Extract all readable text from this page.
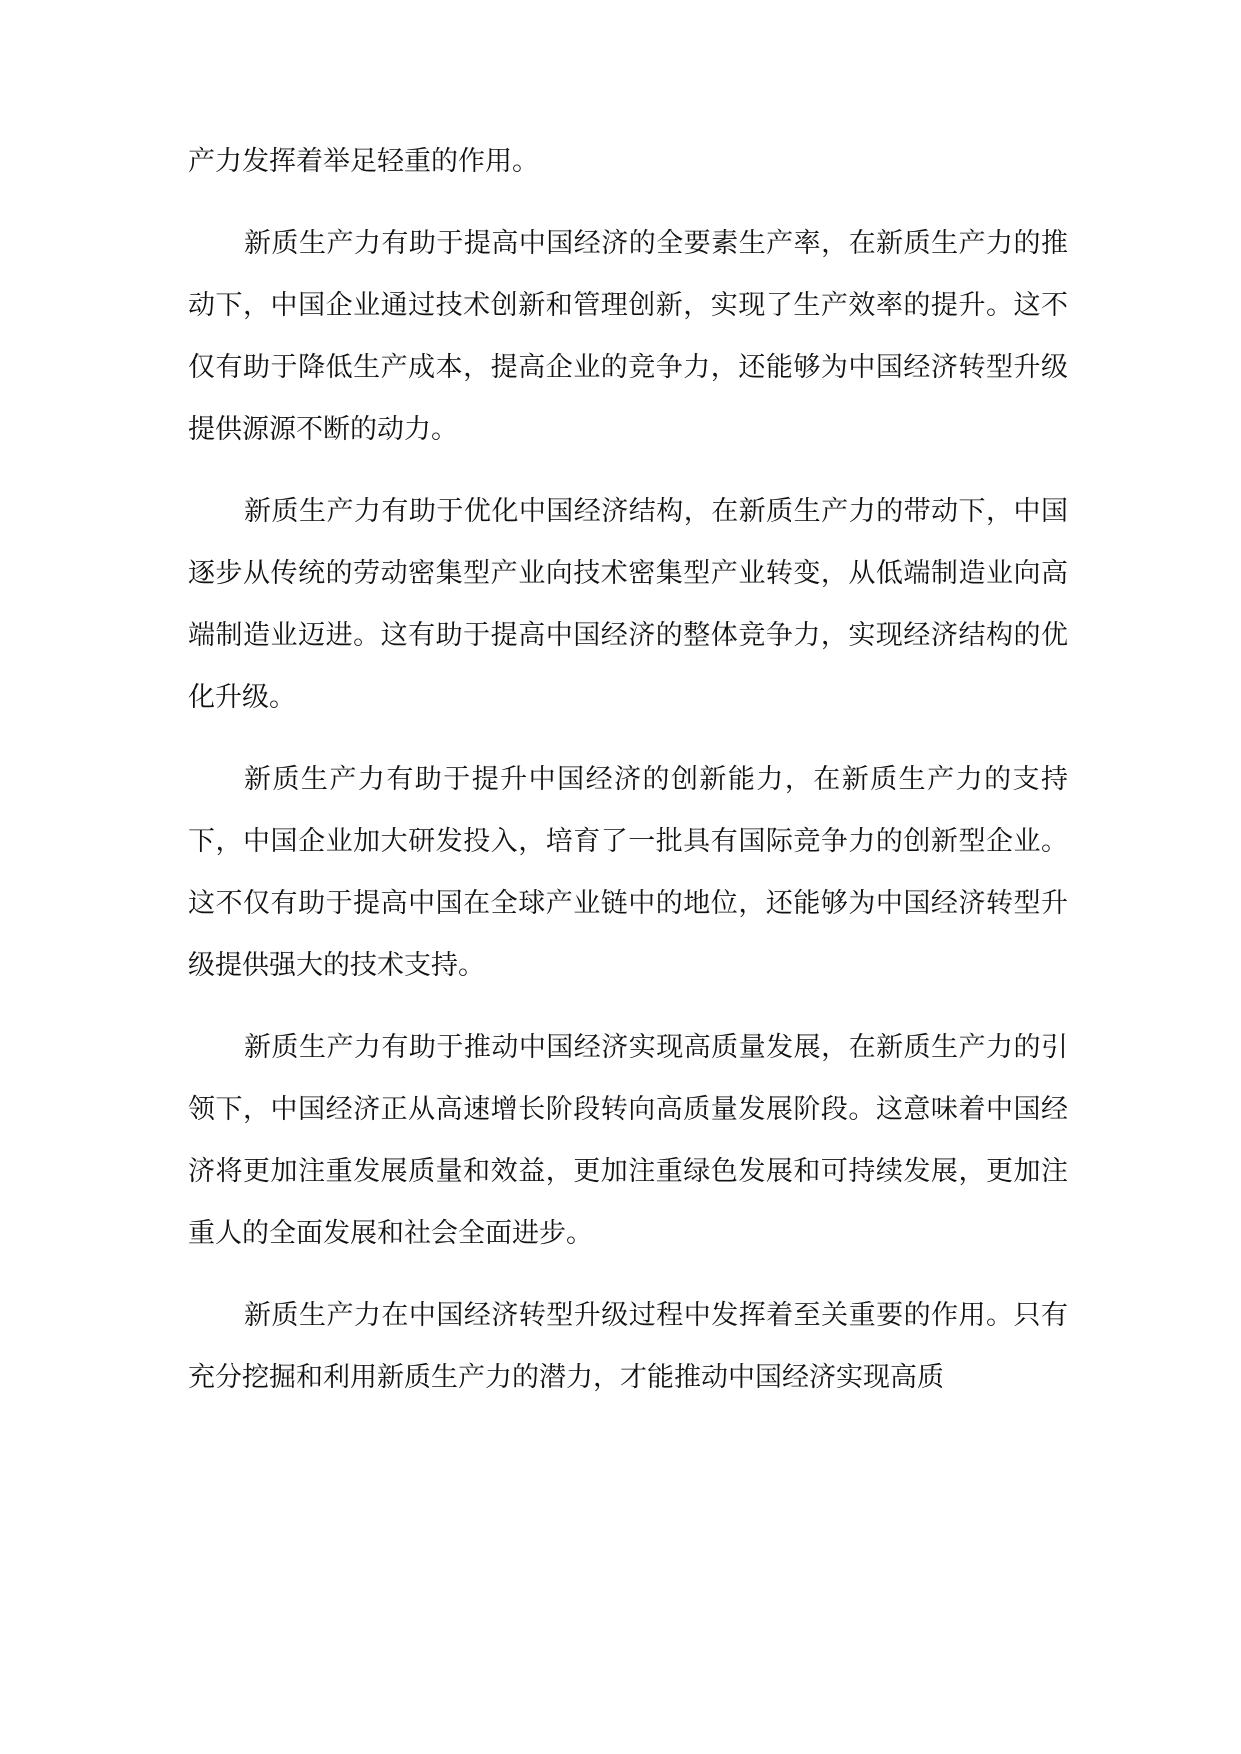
产力发挥着举足轻重的作用。

新质生产力有助于提高中国经济的全要素生产率，在新质生产力的推动下，中国企业通过技术创新和管理创新，实现了生产效率的提升。这不仅有助于降低生产成本，提高企业的竞争力，还能够为中国经济转型升级提供源源不断的动力。

新质生产力有助于优化中国经济结构，在新质生产力的带动下，中国逐步从传统的劳动密集型产业向技术密集型产业转变，从低端制造业向高端制造业迈进。这有助于提高中国经济的整体竞争力，实现经济结构的优化升级。

新质生产力有助于提升中国经济的创新能力，在新质生产力的支持下，中国企业加大研发投入，培育了一批具有国际竞争力的创新型企业。这不仅有助于提高中国在全球产业链中的地位，还能够为中国经济转型升级提供强大的技术支持。

新质生产力有助于推动中国经济实现高质量发展，在新质生产力的引领下，中国经济正从高速增长阶段转向高质量发展阶段。这意味着中国经济将更加注重发展质量和效益，更加注重绿色发展和可持续发展，更加注重人的全面发展和社会全面进步。

新质生产力在中国经济转型升级过程中发挥着至关重要的作用。只有充分挖掘和利用新质生产力的潜力，才能推动中国经济实现高质
